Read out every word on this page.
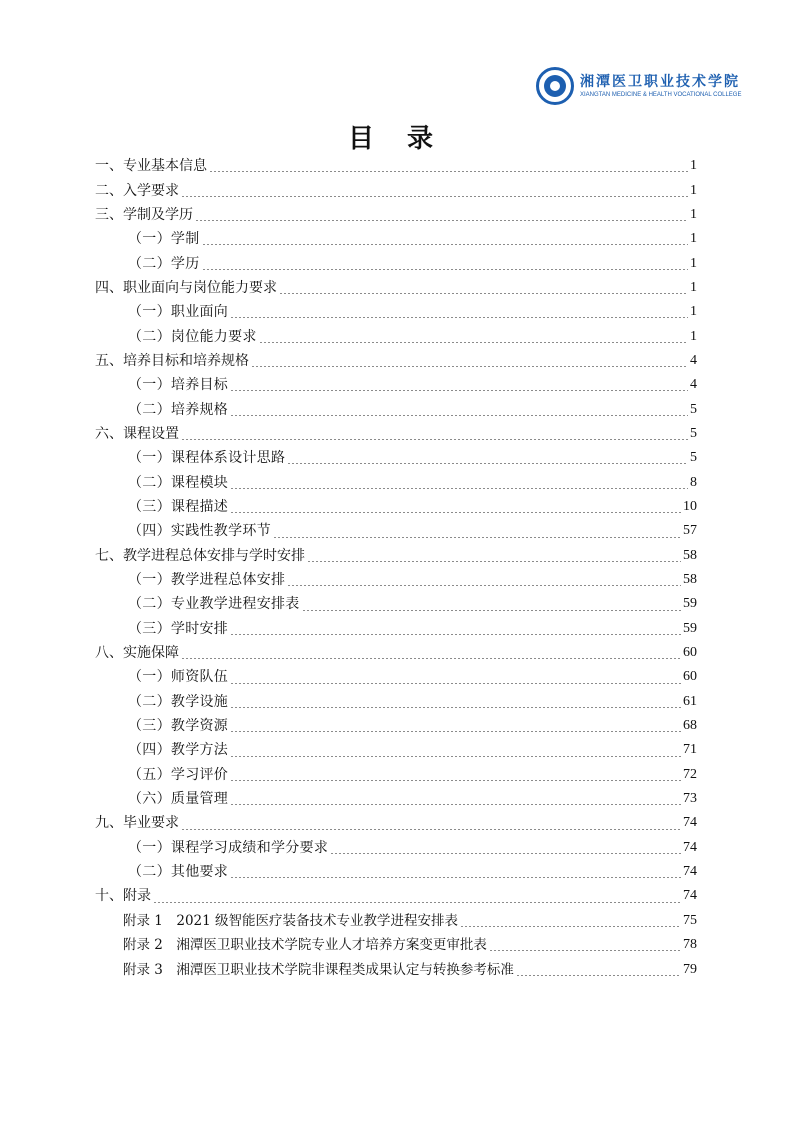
湘潭医卫职业技术学院
XIANGTAN MEDICINE & HEALTH VOCATIONAL COLLEGE
目 录
一、专业基本信息	1
二、入学要求	1
三、学制及学历	1
（一）学制	1
（二）学历	1
四、职业面向与岗位能力要求	1
（一）职业面向	1
（二）岗位能力要求	1
五、培养目标和培养规格	4
（一）培养目标	4
（二）培养规格	5
六、课程设置	5
（一）课程体系设计思路	5
（二）课程模块	8
（三）课程描述	10
（四）实践性教学环节	57
七、教学进程总体安排与学时安排	58
（一）教学进程总体安排	58
（二）专业教学进程安排表	59
（三）学时安排	59
八、实施保障	60
（一）师资队伍	60
（二）教学设施	61
（三）教学资源	68
（四）教学方法	71
（五）学习评价	72
（六）质量管理	73
九、毕业要求	74
（一）课程学习成绩和学分要求	74
（二）其他要求	74
十、附录	74
附录 1　2021 级智能医疗装备技术专业教学进程安排表	75
附录 2　湘潭医卫职业技术学院专业人才培养方案变更审批表	78
附录 3　湘潭医卫职业技术学院非课程类成果认定与转换参考标准	79
